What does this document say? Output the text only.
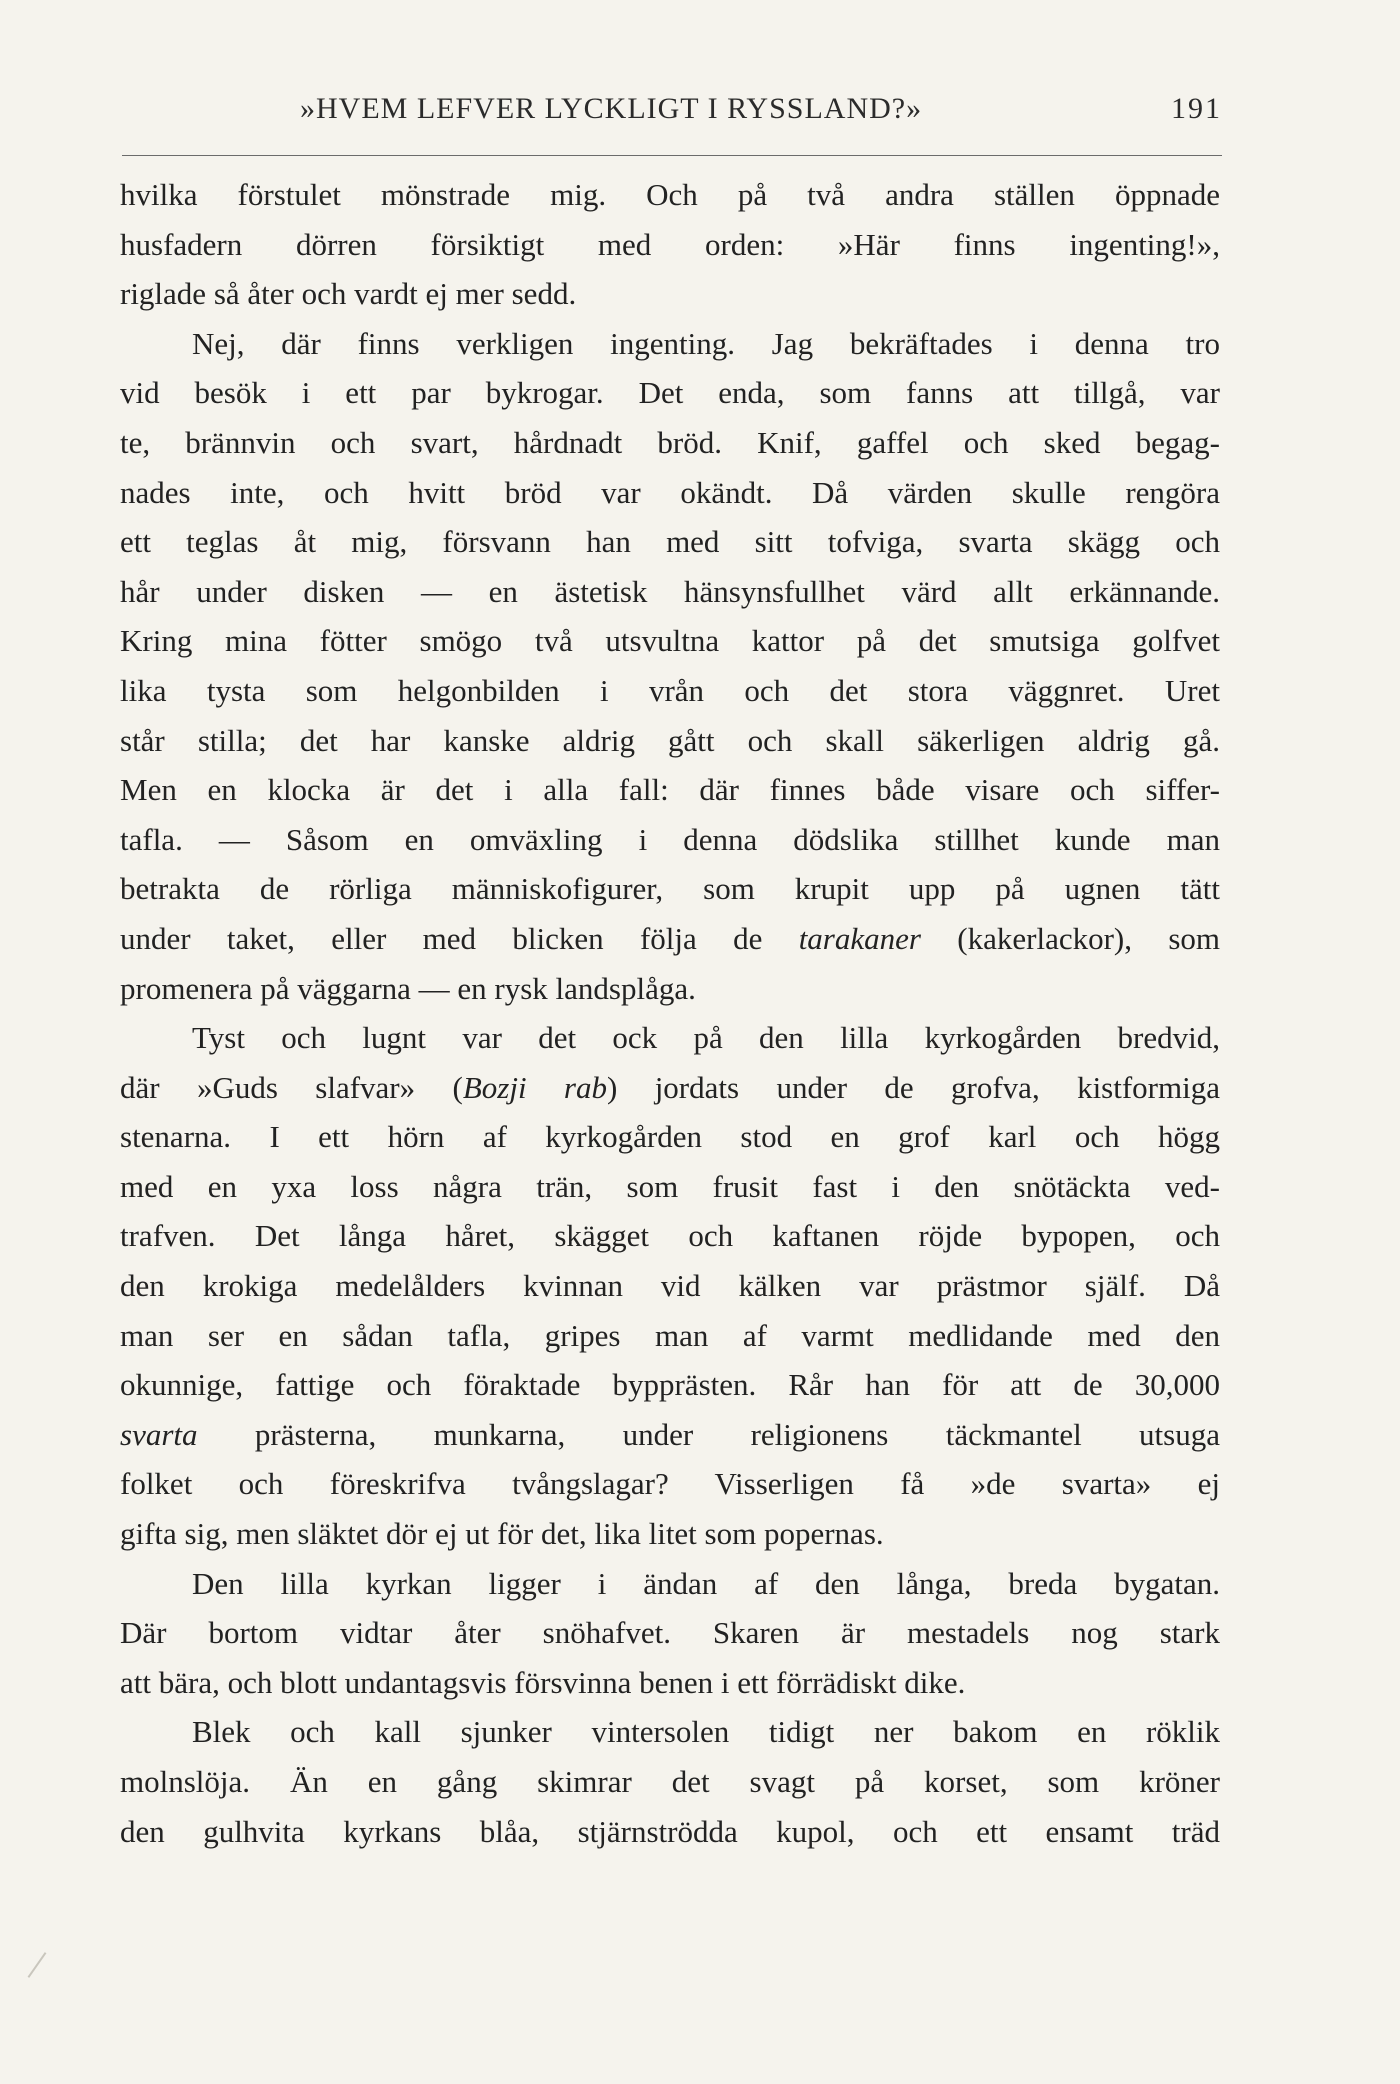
»HVEM LEFVER LYCKLIGT I RYSSLAND?»	191
hvilka förstulet mönstrade mig. Och på två andra ställen öppnade
husfadern dörren försiktigt med orden: »Här finns ingenting!»,
riglade så åter och vardt ej mer sedd.
Nej, där finns verkligen ingenting. Jag bekräftades i denna tro
vid besök i ett par bykrogar. Det enda, som fanns att tillgå, var
te, brännvin och svart, hårdnadt bröd. Knif, gaffel och sked begag-
nades inte, och hvitt bröd var okändt. Då värden skulle rengöra
ett teglas åt mig, försvann han med sitt tofviga, svarta skägg och
hår under disken — en ästetisk hänsynsfullhet värd allt erkännande.
Kring mina fötter smögo två utsvultna kattor på det smutsiga golfvet
lika tysta som helgonbilden i vrån och det stora väggnret. Uret
står stilla; det har kanske aldrig gått och skall säkerligen aldrig gå.
Men en klocka är det i alla fall: där finnes både visare och siffer-
tafla. — Såsom en omväxling i denna dödslika stillhet kunde man
betrakta de rörliga människofigurer, som krupit upp på ugnen tätt
under taket, eller med blicken följa de tarakaner (kakerlackor), som
promenera på väggarna — en rysk landsplåga.
Tyst och lugnt var det ock på den lilla kyrkogården bredvid,
där »Guds slafvar» (Bozji rab) jordats under de grofva, kistformiga
stenarna. I ett hörn af kyrkogården stod en grof karl och högg
med en yxa loss några trän, som frusit fast i den snötäckta ved-
trafven. Det långa håret, skägget och kaftanen röjde bypopen, och
den krokiga medelålders kvinnan vid kälken var prästmor själf. Då
man ser en sådan tafla, gripes man af varmt medlidande med den
okunnige, fattige och föraktade bypprästen. Rår han för att de 30,000
svarta prästerna, munkarna, under religionens täckmantel utsuga
folket och föreskrifva tvångslagar? Visserligen få »de svarta» ej
gifta sig, men släktet dör ej ut för det, lika litet som popernas.
Den lilla kyrkan ligger i ändan af den långa, breda bygatan.
Där bortom vidtar åter snöhafvet. Skaren är mestadels nog stark
att bära, och blott undantagsvis försvinna benen i ett förrädiskt dike.
Blek och kall sjunker vintersolen tidigt ner bakom en röklik
molnslöja. Än en gång skimrar det svagt på korset, som kröner
den gulhvita kyrkans blåa, stjärnströdda kupol, och ett ensamt träd
